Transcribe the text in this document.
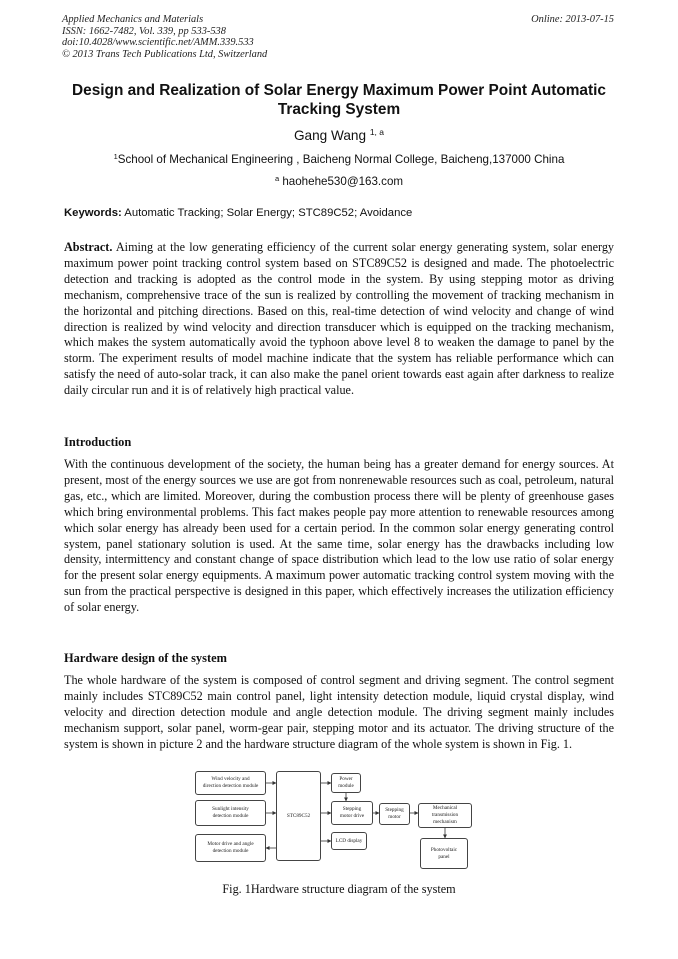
Applied Mechanics and Materials
ISSN: 1662-7482, Vol. 339, pp 533-538
doi:10.4028/www.scientific.net/AMM.339.533
© 2013 Trans Tech Publications Ltd, Switzerland
Online: 2013-07-15
Design and Realization of Solar Energy Maximum Power Point Automatic Tracking System
Gang Wang $^{1, a}$
$^1$School of Mechanical Engineering , Baicheng Normal College, Baicheng,137000 China
$^a$ haohehe530@163.com
Keywords: Automatic Tracking; Solar Energy; STC89C52; Avoidance
Abstract. Aiming at the low generating efficiency of the current solar energy generating system, solar energy maximum power point tracking control system based on STC89C52 is designed and made. The photoelectric detection and tracking is adopted as the control mode in the system. By using stepping motor as driving mechanism, comprehensive trace of the sun is realized by controlling the movement of tracking mechanism in the horizontal and pitching directions. Based on this, real-time detection of wind velocity and change of wind direction is realized by wind velocity and direction transducer which is equipped on the tracking mechanism, which makes the system automatically avoid the typhoon above level 8 to weaken the damage to panel by the storm. The experiment results of model machine indicate that the system has reliable performance which can satisfy the need of auto-solar track, it can also make the panel orient towards east again after darkness to realize daily circular run and it is of relatively high practical value.
Introduction
With the continuous development of the society, the human being has a greater demand for energy sources. At present, most of the energy sources we use are got from nonrenewable resources such as coal, petroleum, natural gas, etc., which are limited. Moreover, during the combustion process there will be plenty of greenhouse gases which bring environmental problems. This fact makes people pay more attention to renewable resources among which solar energy has already been used for a certain period. In the common solar energy generating control system, panel stationary solution is used. At the same time, solar energy has the drawbacks including low density, intermittency and constant change of space distribution which lead to the low use ratio of solar energy for the present solar energy equipments. A maximum power automatic tracking control system moving with the sun from the practical perspective is designed in this paper, which effectively increases the utilization efficiency of solar energy.
Hardware design of the system
The whole hardware of the system is composed of control segment and driving segment. The control segment mainly includes STC89C52 main control panel, light intensity detection module, liquid crystal display, wind velocity and direction detection module and angle detection module. The driving segment mainly includes mechanism support, solar panel, worm-gear pair, stepping motor and its actuator. The driving structure of the system is shown in picture 2 and the hardware structure diagram of the whole system is shown in Fig. 1.
Wind velocity and
direction detection module
Sunlight intensity
detection module
Motor drive and angle
detection module
STC89C52
Power
module
Stepping
motor drive
LCD display
Stepping
motor
Mechanical
transmission
mechanism
Photovoltaic
panel
Fig. 1Hardware structure diagram of the system
